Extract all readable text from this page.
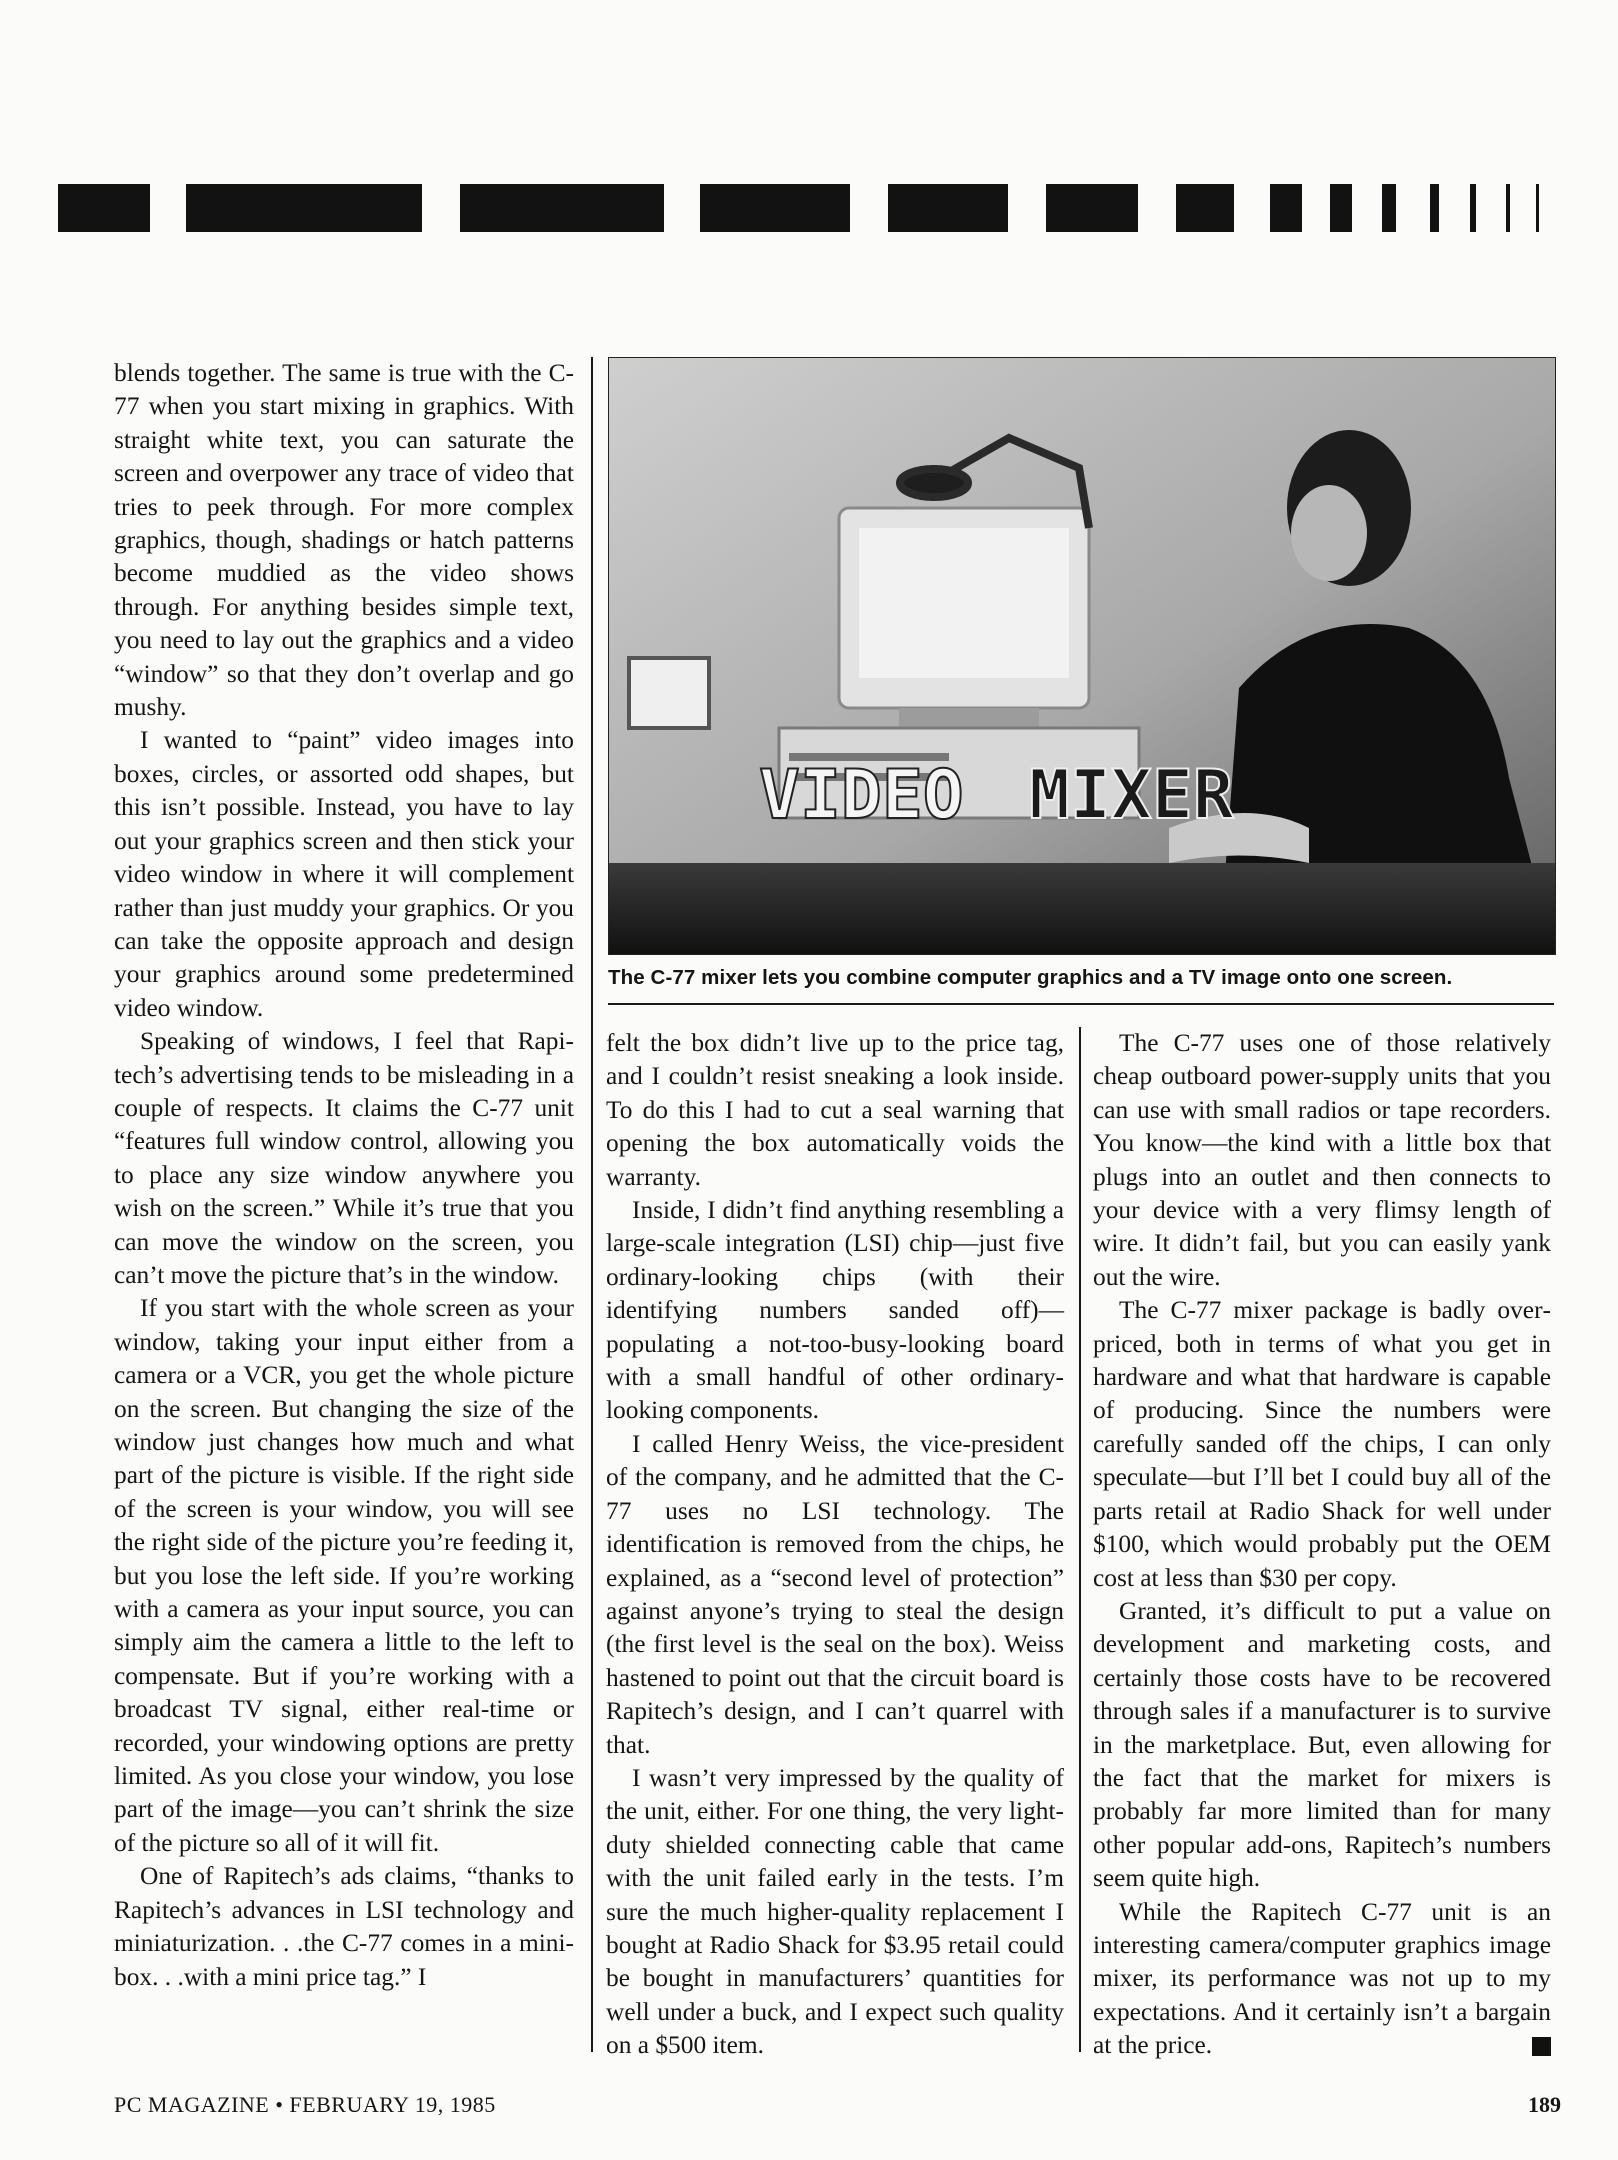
VIDEO MIXER
The C-77 mixer lets you combine computer graphics and a TV image onto one screen.

blends together. The same is true with the C-77 when you start mixing in graphics. With straight white text, you can saturate the screen and overpower any trace of video that tries to peek through. For more complex graphics, though, shadings or hatch patterns become muddied as the video shows through. For anything besides simple text, you need to lay out the graphics and a video “window” so that they don’t overlap and go mushy.

I wanted to “paint” video images into boxes, circles, or assorted odd shapes, but this isn’t possible. Instead, you have to lay out your graphics screen and then stick your video window in where it will complement rather than just muddy your graphics. Or you can take the opposite approach and design your graphics around some predetermined video window.

Speaking of windows, I feel that Rapitech’s advertising tends to be misleading in a couple of respects. It claims the C-77 unit “features full window control, allowing you to place any size window anywhere you wish on the screen.” While it’s true that you can move the window on the screen, you can’t move the picture that’s in the window.

If you start with the whole screen as your window, taking your input either from a camera or a VCR, you get the whole picture on the screen. But changing the size of the window just changes how much and what part of the picture is visible. If the right side of the screen is your window, you will see the right side of the picture you’re feeding it, but you lose the left side. If you’re working with a camera as your input source, you can simply aim the camera a little to the left to compensate. But if you’re working with a broadcast TV signal, either real-time or recorded, your windowing options are pretty limited. As you close your window, you lose part of the image—you can’t shrink the size of the picture so all of it will fit.

One of Rapitech’s ads claims, “thanks to Rapitech’s advances in LSI technology and miniaturization. . .the C-77 comes in a mini-box. . .with a mini price tag.” I

felt the box didn’t live up to the price tag, and I couldn’t resist sneaking a look inside. To do this I had to cut a seal warning that opening the box automatically voids the warranty.

Inside, I didn’t find anything resembling a large-scale integration (LSI) chip—just five ordinary-looking chips (with their identifying numbers sanded off)—populating a not-too-busy-looking board with a small handful of other ordinary-looking components.

I called Henry Weiss, the vice-president of the company, and he admitted that the C-77 uses no LSI technology. The identification is removed from the chips, he explained, as a “second level of protection” against anyone’s trying to steal the design (the first level is the seal on the box). Weiss hastened to point out that the circuit board is Rapitech’s design, and I can’t quarrel with that.

I wasn’t very impressed by the quality of the unit, either. For one thing, the very light-duty shielded connecting cable that came with the unit failed early in the tests. I’m sure the much higher-quality replacement I bought at Radio Shack for $3.95 retail could be bought in manufacturers’ quantities for well under a buck, and I expect such quality on a $500 item.

The C-77 uses one of those relatively cheap outboard power-supply units that you can use with small radios or tape recorders. You know—the kind with a little box that plugs into an outlet and then connects to your device with a very flimsy length of wire. It didn’t fail, but you can easily yank out the wire.

The C-77 mixer package is badly overpriced, both in terms of what you get in hardware and what that hardware is capable of producing. Since the numbers were carefully sanded off the chips, I can only speculate—but I’ll bet I could buy all of the parts retail at Radio Shack for well under $100, which would probably put the OEM cost at less than $30 per copy.

Granted, it’s difficult to put a value on development and marketing costs, and certainly those costs have to be recovered through sales if a manufacturer is to survive in the marketplace. But, even allowing for the fact that the market for mixers is probably far more limited than for many other popular add-ons, Rapitech’s numbers seem quite high.

While the Rapitech C-77 unit is an interesting camera/computer graphics image mixer, its performance was not up to my expectations. And it certainly isn’t a bargain at the price.

PC MAGAZINE • FEBRUARY 19, 1985	189
